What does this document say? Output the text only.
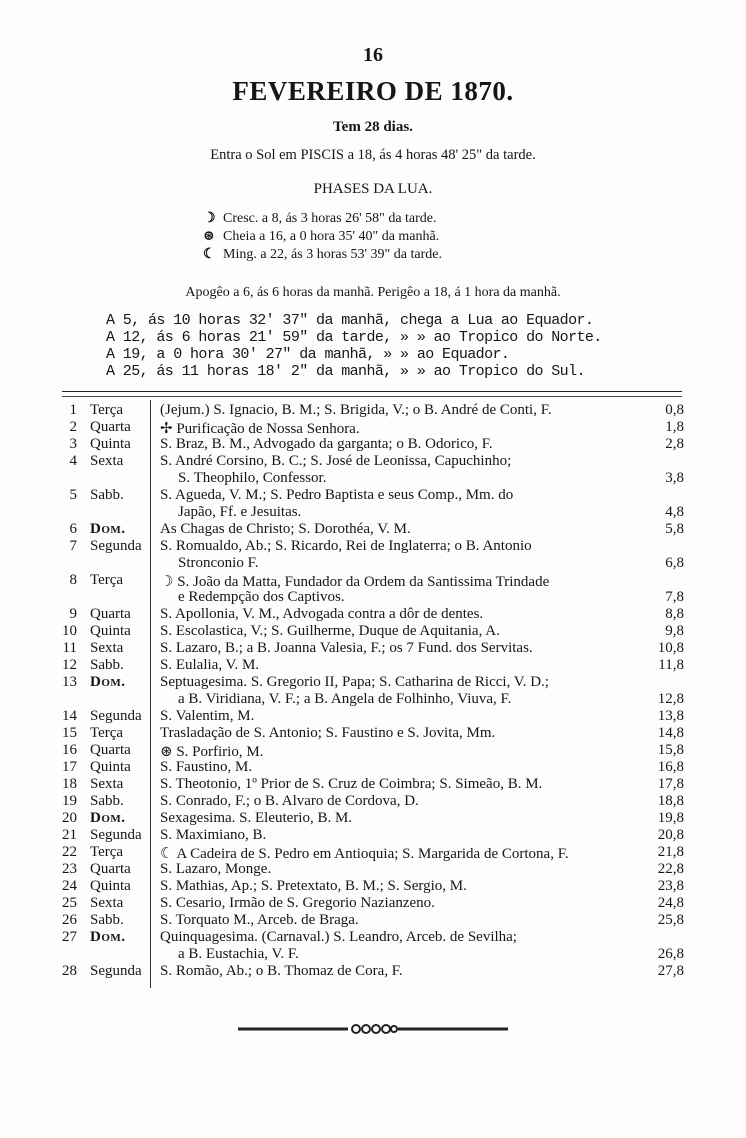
16
FEVEREIRO DE 1870.
Tem 28 dias.
Entra o Sol em PISCIS a 18, ás 4 horas 48' 25" da tarde.
PHASES DA LUA.
☽ Cresc. a 8, ás 3 horas 26' 58" da tarde.
⊛ Cheia a 16, a 0 hora 35' 40" da manhã.
☾ Ming. a 22, ás 3 horas 53' 39" da tarde.
Apogêo a 6, ás 6 horas da manhã. Perigêo a 18, á 1 hora da manhã.
A 5, ás 10 horas 32' 37" da manhã, chega a Lua ao Equador.
A 12, ás 6 horas 21' 59" da tarde, » » ao Tropico do Norte.
A 19, a 0 hora 30' 27" da manhã, » » ao Equador.
A 25, ás 11 horas 18' 2" da manhã, » » ao Tropico do Sul.
1 Terça (Jejum.) S. Ignacio, B. M.; S. Brigida, V.; o B. André de Conti, F.	0,8
2 Quarta ✢ Purificação de Nossa Senhora.	1,8
3 Quinta S. Braz, B. M., Advogado da garganta; o B. Odorico, F.	2,8
4 Sexta S. André Corsino, B. C.; S. José de Leonissa, Capuchinho;
S. Theophilo, Confessor.	3,8
5 Sabb. S. Agueda, V. M.; S. Pedro Baptista e seus Comp., Mm. do
Japão, Ff. e Jesuitas.	4,8
6 Dom. As Chagas de Christo; S. Dorothéa, V. M.	5,8
7 Segunda S. Romualdo, Ab.; S. Ricardo, Rei de Inglaterra; o B. Antonio
Stronconio F.	6,8
8 Terça ☽ S. João da Matta, Fundador da Ordem da Santissima Trindade
e Redempção dos Captivos.	7,8
9 Quarta S. Apollonia, V. M., Advogada contra a dôr de dentes.	8,8
10 Quinta S. Escolastica, V.; S. Guilherme, Duque de Aquitania, A.	9,8
11 Sexta S. Lazaro, B.; a B. Joanna Valesia, F.; os 7 Fund. dos Servitas.	10,8
12 Sabb. S. Eulalia, V. M.	11,8
13 Dom. Septuagesima. S. Gregorio II, Papa; S. Catharina de Ricci, V. D.;
a B. Viridiana, V. F.; a B. Angela de Folhinho, Viuva, F.	12,8
14 Segunda S. Valentim, M.	13,8
15 Terça Trasladação de S. Antonio; S. Faustino e S. Jovita, Mm.	14,8
16 Quarta ⊛ S. Porfirio, M.	15,8
17 Quinta S. Faustino, M.	16,8
18 Sexta S. Theotonio, 1º Prior de S. Cruz de Coimbra; S. Simeão, B. M.	17,8
19 Sabb. S. Conrado, F.; o B. Alvaro de Cordova, D.	18,8
20 Dom. Sexagesima. S. Eleuterio, B. M.	19,8
21 Segunda S. Maximiano, B.	20,8
22 Terça ☾ A Cadeira de S. Pedro em Antioquia; S. Margarida de Cortona, F.	21,8
23 Quarta S. Lazaro, Monge.	22,8
24 Quinta S. Mathias, Ap.; S. Pretextato, B. M.; S. Sergio, M.	23,8
25 Sexta S. Cesario, Irmão de S. Gregorio Nazianzeno.	24,8
26 Sabb. S. Torquato M., Arceb. de Braga.	25,8
27 Dom. Quinquagesima. (Carnaval.) S. Leandro, Arceb. de Sevilha;
a B. Eustachia, V. F.	26,8
28 Segunda S. Romão, Ab.; o B. Thomaz de Cora, F.	27,8
